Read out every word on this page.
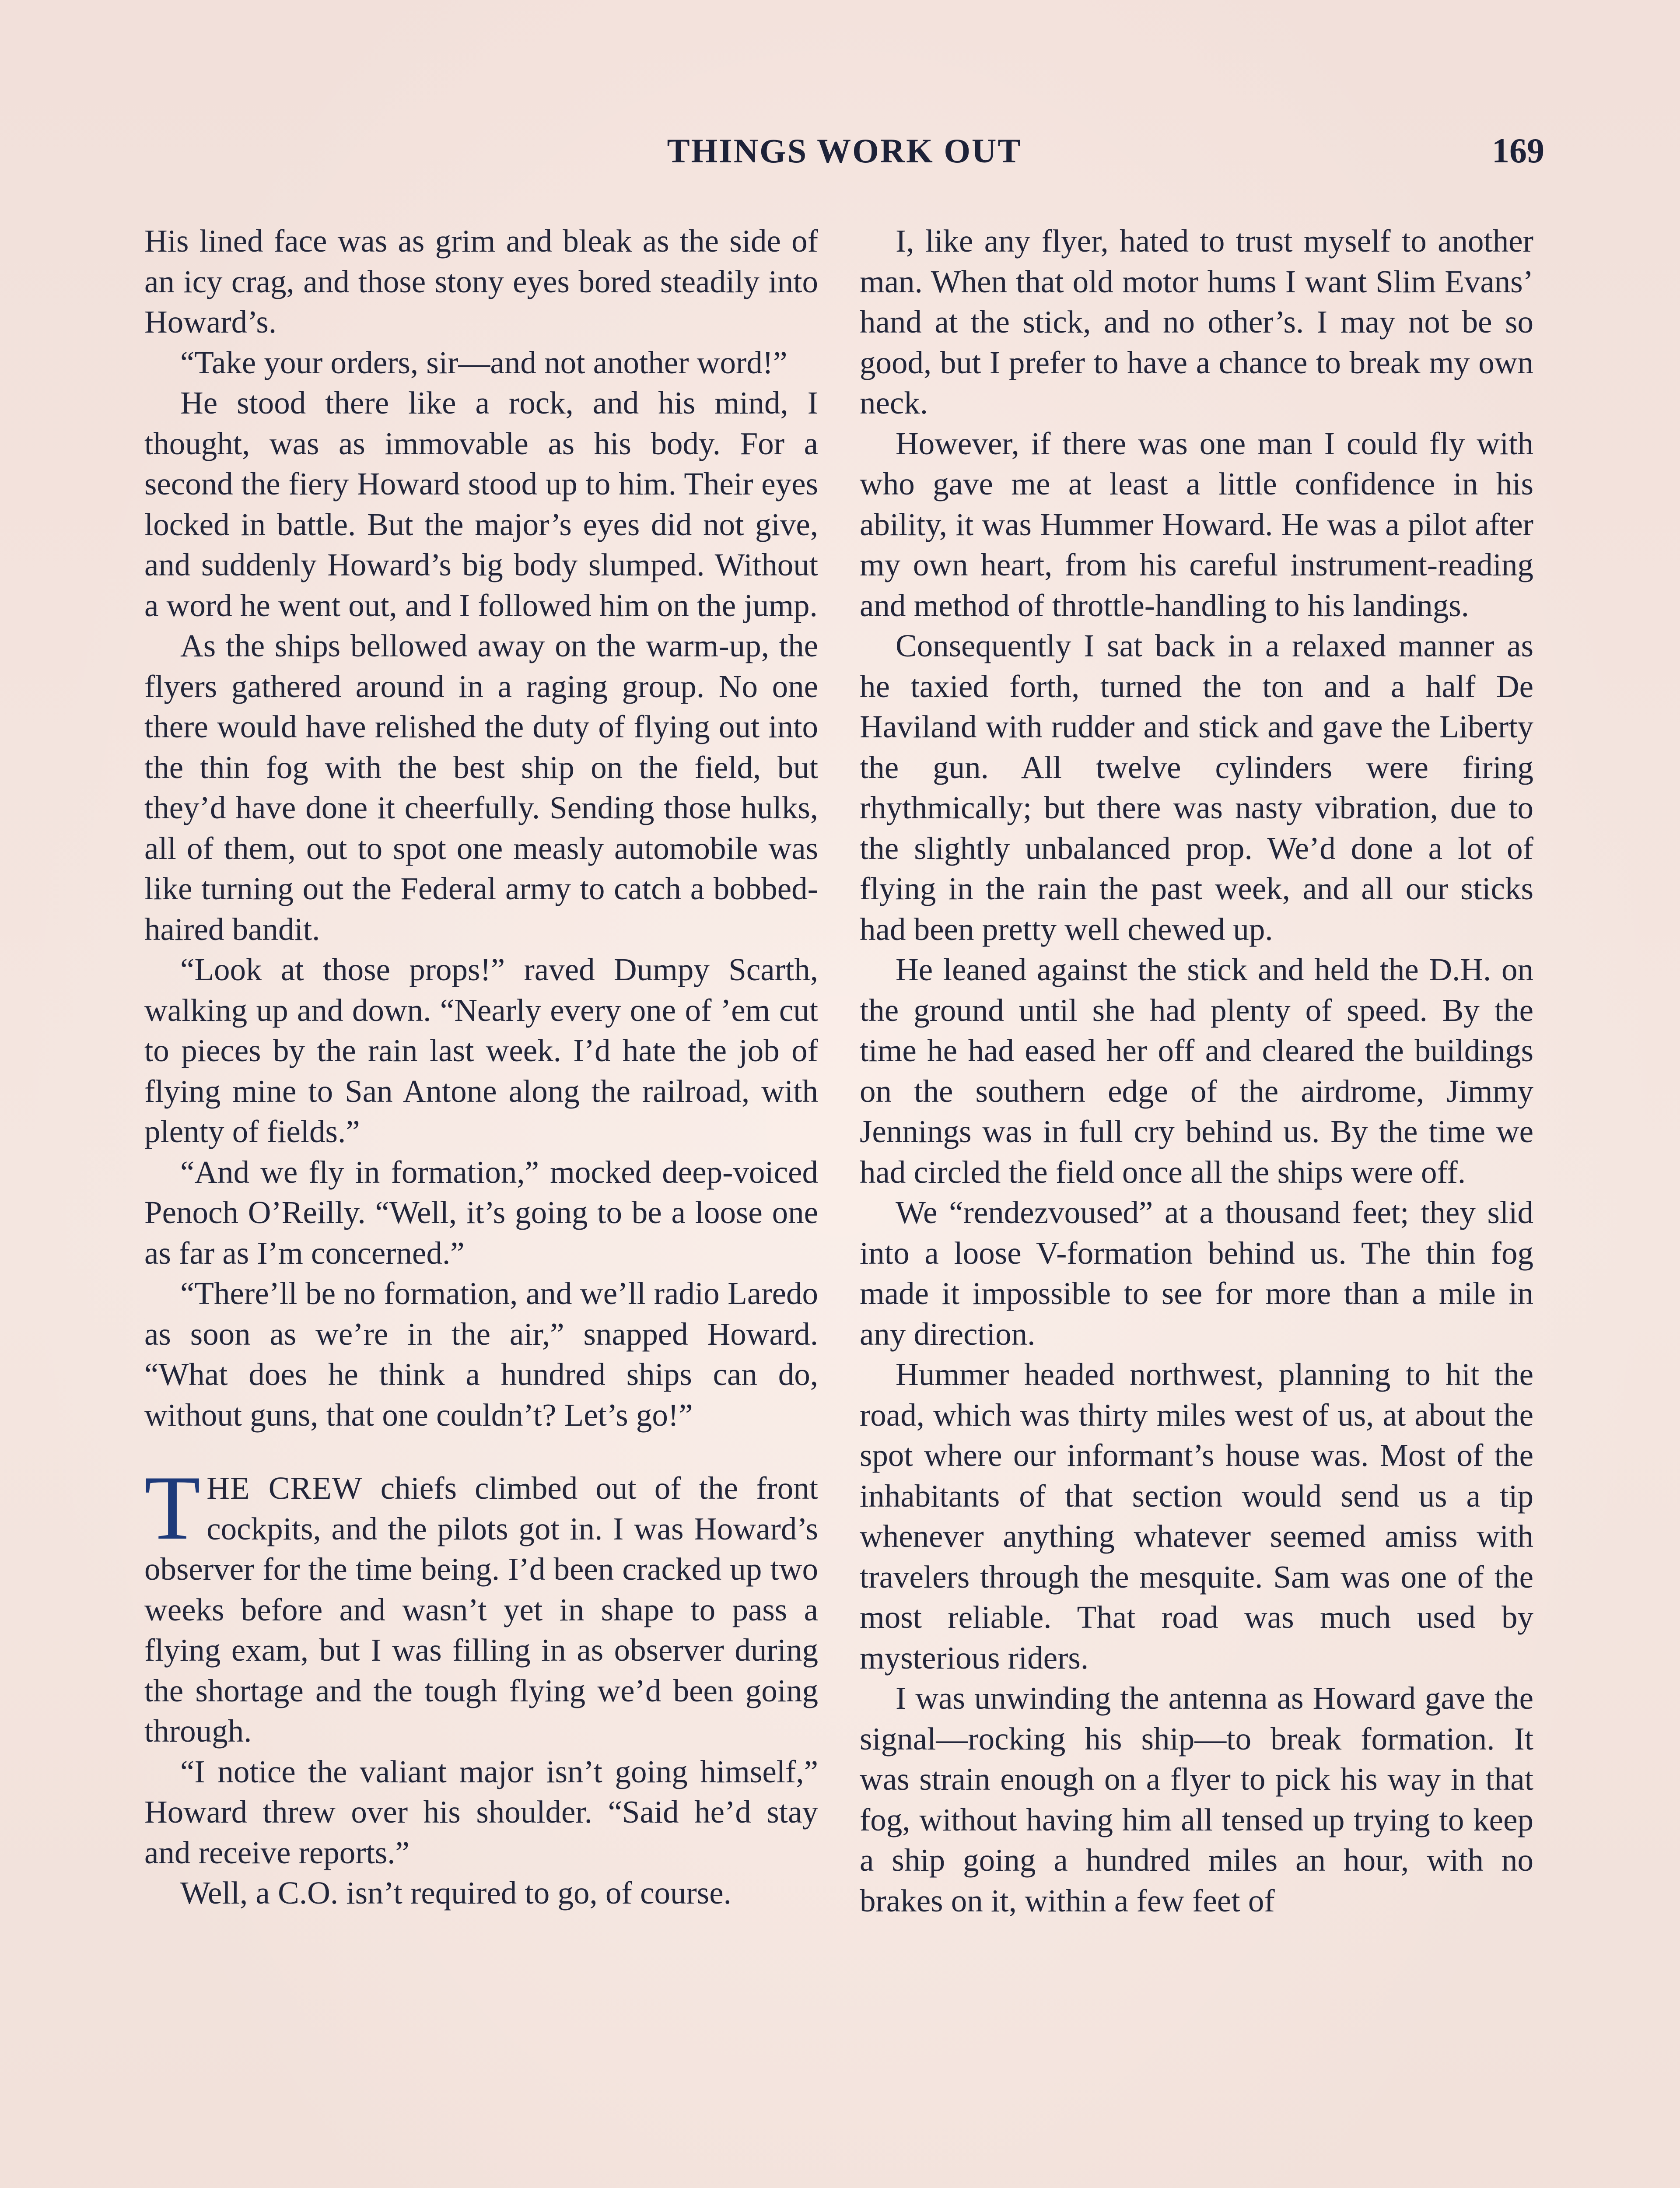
THINGS WORK OUT	169

His lined face was as grim and bleak as the side of an icy crag, and those stony eyes bored steadily into Howard’s.

“Take your orders, sir—and not another word!”

He stood there like a rock, and his mind, I thought, was as immovable as his body. For a second the fiery Howard stood up to him. Their eyes locked in battle. But the major’s eyes did not give, and suddenly Howard’s big body slumped. Without a word he went out, and I followed him on the jump.

As the ships bellowed away on the warm-up, the flyers gathered around in a raging group. No one there would have relished the duty of flying out into the thin fog with the best ship on the field, but they’d have done it cheerfully. Sending those hulks, all of them, out to spot one measly automobile was like turning out the Federal army to catch a bobbed-haired bandit.

“Look at those props!” raved Dumpy Scarth, walking up and down. “Nearly every one of ’em cut to pieces by the rain last week. I’d hate the job of flying mine to San Antone along the railroad, with plenty of fields.”

“And we fly in formation,” mocked deep-voiced Penoch O’Reilly. “Well, it’s going to be a loose one as far as I’m concerned.”

“There’ll be no formation, and we’ll radio Laredo as soon as we’re in the air,” snapped Howard. “What does he think a hundred ships can do, without guns, that one couldn’t? Let’s go!”

THE CREW chiefs climbed out of the front cockpits, and the pilots got in. I was Howard’s observer for the time being. I’d been cracked up two weeks before and wasn’t yet in shape to pass a flying exam, but I was filling in as observer during the shortage and the tough flying we’d been going through.

“I notice the valiant major isn’t going himself,” Howard threw over his shoulder. “Said he’d stay and receive reports.”

Well, a C.O. isn’t required to go, of course.

I, like any flyer, hated to trust myself to another man. When that old motor hums I want Slim Evans’ hand at the stick, and no other’s. I may not be so good, but I prefer to have a chance to break my own neck.

However, if there was one man I could fly with who gave me at least a little confidence in his ability, it was Hummer Howard. He was a pilot after my own heart, from his careful instrument-reading and method of throttle-handling to his landings.

Consequently I sat back in a relaxed manner as he taxied forth, turned the ton and a half De Haviland with rudder and stick and gave the Liberty the gun. All twelve cylinders were firing rhythmically; but there was nasty vibration, due to the slightly unbalanced prop. We’d done a lot of flying in the rain the past week, and all our sticks had been pretty well chewed up.

He leaned against the stick and held the D.H. on the ground until she had plenty of speed. By the time he had eased her off and cleared the buildings on the southern edge of the airdrome, Jimmy Jennings was in full cry behind us. By the time we had circled the field once all the ships were off.

We “rendezvoused” at a thousand feet; they slid into a loose V-formation behind us. The thin fog made it impossible to see for more than a mile in any direction.

Hummer headed northwest, planning to hit the road, which was thirty miles west of us, at about the spot where our informant’s house was. Most of the inhabitants of that section would send us a tip whenever anything whatever seemed amiss with travelers through the mesquite. Sam was one of the most reliable. That road was much used by mysterious riders.

I was unwinding the antenna as Howard gave the signal—rocking his ship—to break formation. It was strain enough on a flyer to pick his way in that fog, without having him all tensed up trying to keep a ship going a hundred miles an hour, with no brakes on it, within a few feet of
